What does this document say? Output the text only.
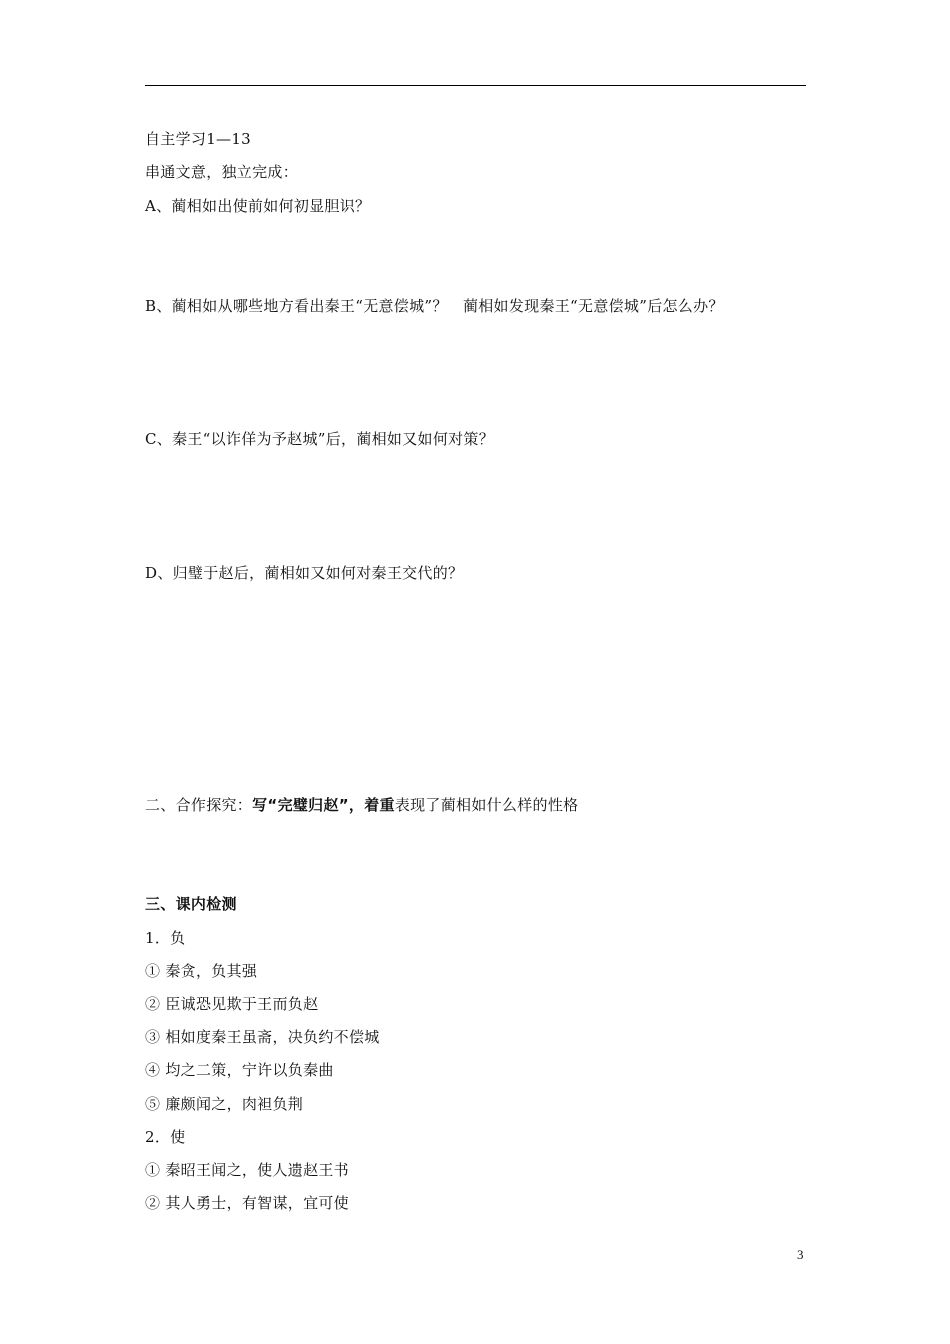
自主学习1—13
串通文意，独立完成：
A、蔺相如出使前如何初显胆识？
B、蔺相如从哪些地方看出秦王“无意偿城”？　蔺相如发现秦王“无意偿城”后怎么办？
C、秦王“以诈佯为予赵城”后，蔺相如又如何对策？
D、归璧于赵后，蔺相如又如何对秦王交代的？
二、合作探究：写“完璧归赵”，着重表现了蔺相如什么样的性格
三、课内检测
1．负
① 秦贪，负其强
② 臣诚恐见欺于王而负赵
③ 相如度秦王虽斋，决负约不偿城
④ 均之二策，宁许以负秦曲
⑤ 廉颇闻之，肉袒负荆
2．使
① 秦昭王闻之，使人遗赵王书
② 其人勇士，有智谋，宜可使
3
